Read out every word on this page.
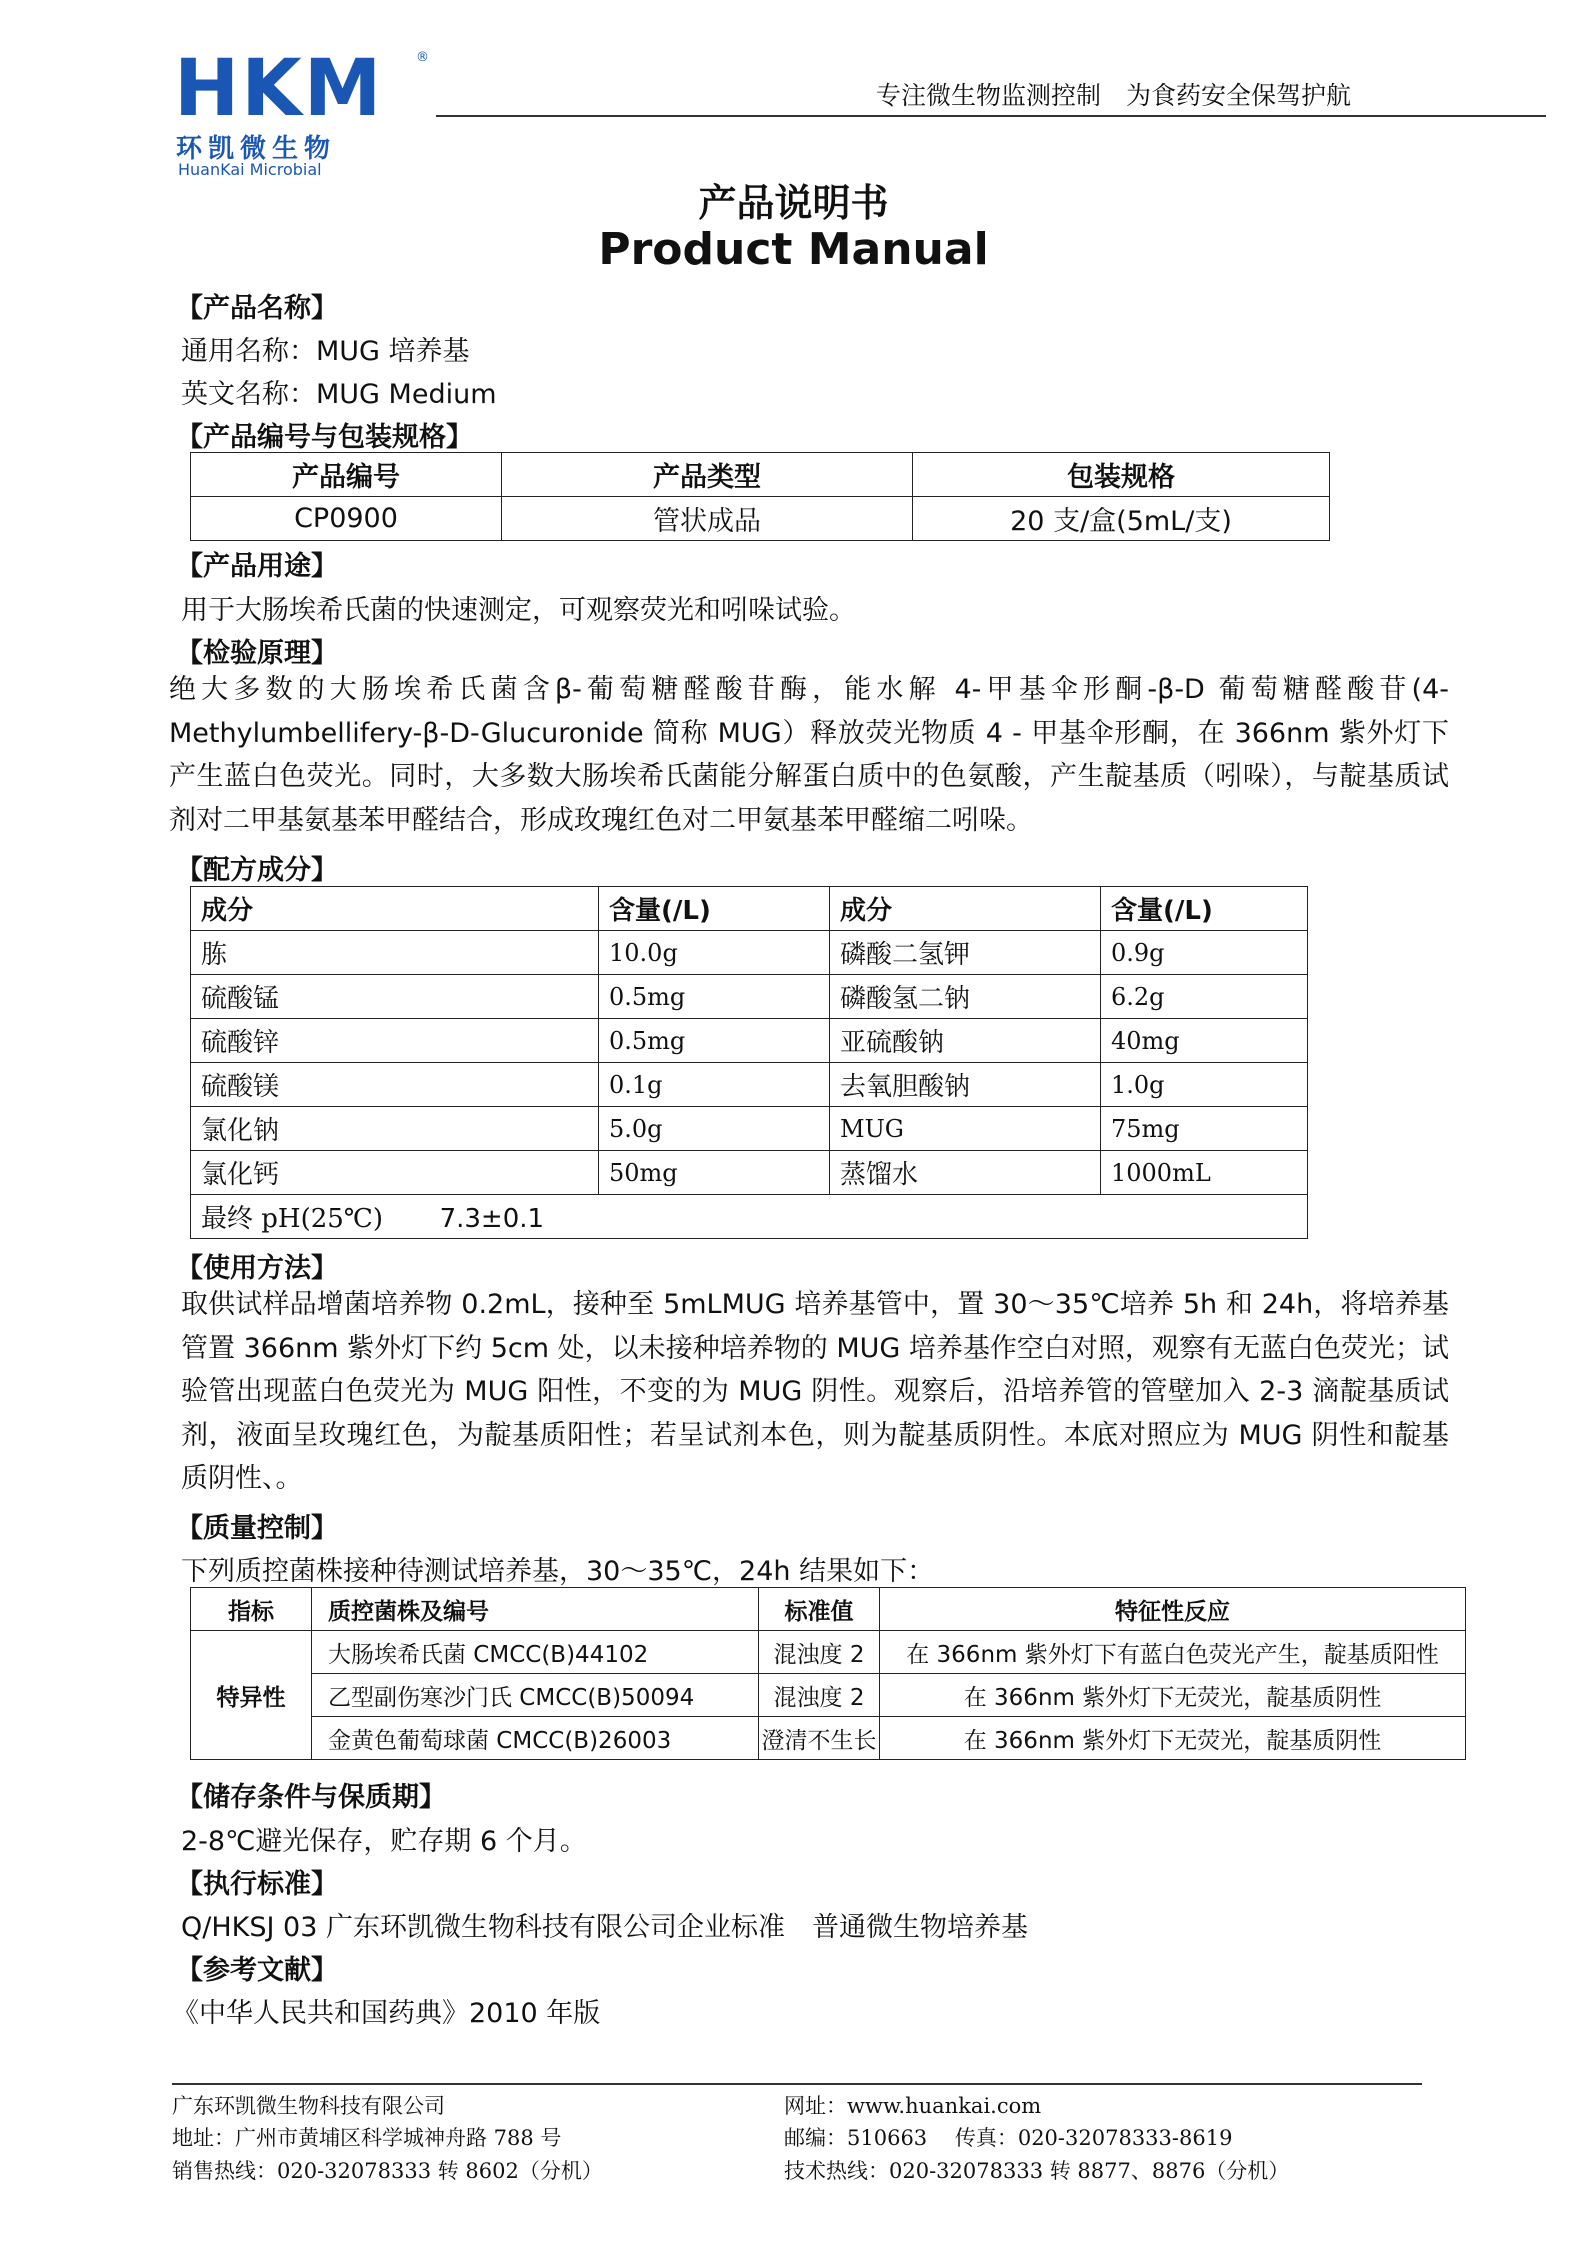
HKM	®
环凯微生物
HuanKai Microbial
专注微生物监测控制　为食药安全保驾护航
产品说明书
Product Manual
【产品名称】
通用名称：MUG 培养基
英文名称：MUG Medium
【产品编号与包装规格】
产品编号	产品类型	包装规格
CP0900	管状成品	20 支/盒(5mL/支)
【产品用途】
用于大肠埃希氏菌的快速测定，可观察荧光和吲哚试验。
【检验原理】
绝大多数的大肠埃希氏菌含β-葡萄糖醛酸苷酶，能水解 4-甲基伞形酮-β-D 葡萄糖醛酸苷(4-Methylumbellifery-β-D-Glucuronide 简称 MUG）释放荧光物质 4 - 甲基伞形酮，在 366nm 紫外灯下产生蓝白色荧光。同时，大多数大肠埃希氏菌能分解蛋白质中的色氨酸，产生靛基质（吲哚），与靛基质试剂对二甲基氨基苯甲醛结合，形成玫瑰红色对二甲氨基苯甲醛缩二吲哚。
【配方成分】
成分	含量(/L)	成分	含量(/L)
胨	10.0g	磷酸二氢钾	0.9g
硫酸锰	0.5mg	磷酸氢二钠	6.2g
硫酸锌	0.5mg	亚硫酸钠	40mg
硫酸镁	0.1g	去氧胆酸钠	1.0g
氯化钠	5.0g	MUG	75mg
氯化钙	50mg	蒸馏水	1000mL
最终 pH(25℃) 7.3±0.1			
【使用方法】
取供试样品增菌培养物 0.2mL，接种至 5mLMUG 培养基管中，置 30～35℃培养 5h 和 24h，将培养基管置 366nm 紫外灯下约 5cm 处，以未接种培养物的 MUG 培养基作空白对照，观察有无蓝白色荧光；试验管出现蓝白色荧光为 MUG 阳性，不变的为 MUG 阴性。观察后，沿培养管的管壁加入 2-3 滴靛基质试剂，液面呈玫瑰红色，为靛基质阳性；若呈试剂本色，则为靛基质阴性。本底对照应为 MUG 阴性和靛基质阴性、。
【质量控制】
下列质控菌株接种待测试培养基，30～35℃，24h 结果如下：
指标	质控菌株及编号	标准值	特征性反应
特异性	大肠埃希氏菌 CMCC(B)44102	混浊度 2	在 366nm 紫外灯下有蓝白色荧光产生，靛基质阳性
	乙型副伤寒沙门氏 CMCC(B)50094	混浊度 2	在 366nm 紫外灯下无荧光，靛基质阴性
	金黄色葡萄球菌 CMCC(B)26003	澄清不生长	在 366nm 紫外灯下无荧光，靛基质阴性
【储存条件与保质期】
2-8℃避光保存，贮存期 6 个月。
【执行标准】
Q/HKSJ 03 广东环凯微生物科技有限公司企业标准　普通微生物培养基
【参考文献】
《中华人民共和国药典》2010 年版
广东环凯微生物科技有限公司
地址：广州市黄埔区科学城神舟路 788 号
销售热线：020-32078333 转 8602（分机）
网址：www.huankai.com
邮编：510663　 传真：020-32078333-8619
技术热线：020-32078333 转 8877、8876（分机）
